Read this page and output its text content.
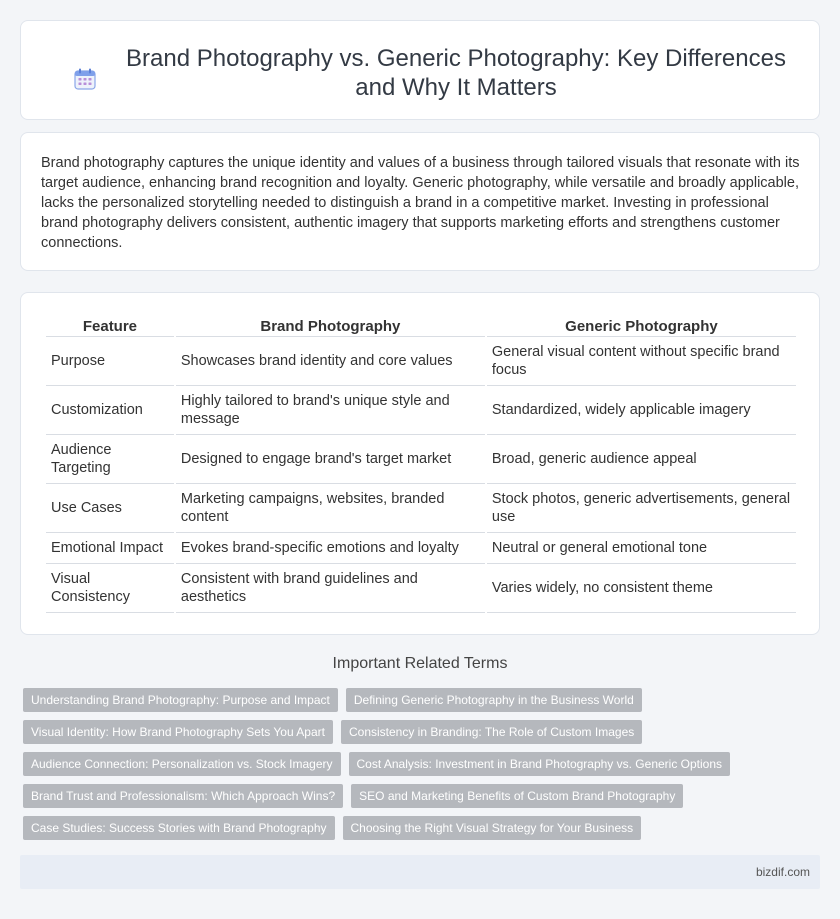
Brand Photography vs. Generic Photography: Key Differences and Why It Matters

Brand photography captures the unique identity and values of a business through tailored visuals that resonate with its target audience, enhancing brand recognition and loyalty. Generic photography, while versatile and broadly applicable, lacks the personalized storytelling needed to distinguish a brand in a competitive market. Investing in professional brand photography delivers consistent, authentic imagery that supports marketing efforts and strengthens customer connections.

Feature	Brand Photography	Generic Photography
Purpose	Showcases brand identity and core values	General visual content without specific brand focus
Customization	Highly tailored to brand's unique style and message	Standardized, widely applicable imagery
Audience Targeting	Designed to engage brand's target market	Broad, generic audience appeal
Use Cases	Marketing campaigns, websites, branded content	Stock photos, generic advertisements, general use
Emotional Impact	Evokes brand-specific emotions and loyalty	Neutral or general emotional tone
Visual Consistency	Consistent with brand guidelines and aesthetics	Varies widely, no consistent theme
Important Related Terms
Understanding Brand Photography: Purpose and Impact	Defining Generic Photography in the Business World
Visual Identity: How Brand Photography Sets You Apart	Consistency in Branding: The Role of Custom Images
Audience Connection: Personalization vs. Stock Imagery	Cost Analysis: Investment in Brand Photography vs. Generic Options
Brand Trust and Professionalism: Which Approach Wins?	SEO and Marketing Benefits of Custom Brand Photography
Case Studies: Success Stories with Brand Photography	Choosing the Right Visual Strategy for Your Business
bizdif.com
